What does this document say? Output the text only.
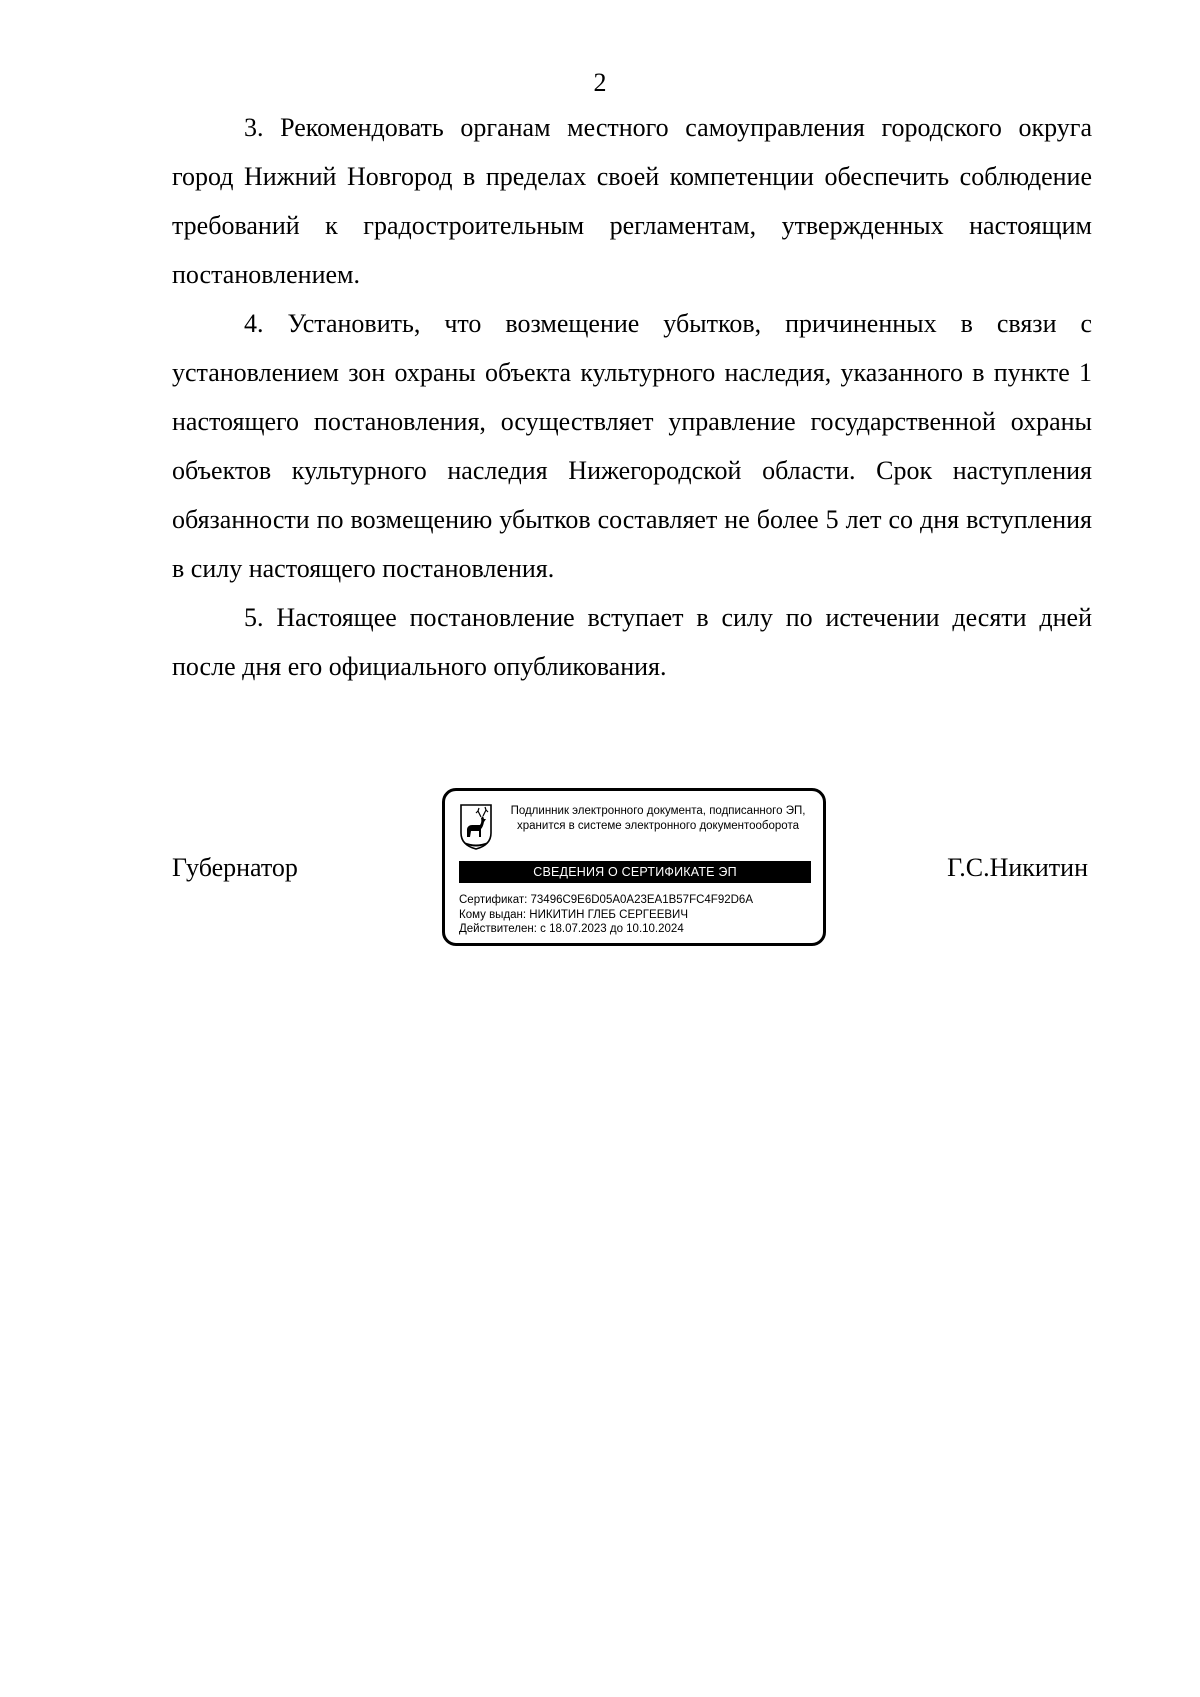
2

3. Рекомендовать органам местного самоуправления городского округа город Нижний Новгород в пределах своей компетенции обеспечить соблюдение требований к градостроительным регламентам, утвержденных настоящим постановлением.

4. Установить, что возмещение убытков, причиненных в связи с установлением зон охраны объекта культурного наследия, указанного в пункте 1 настоящего постановления, осуществляет управление государственной охраны объектов культурного наследия Нижегородской области. Срок наступления обязанности по возмещению убытков составляет не более 5 лет со дня вступления в силу настоящего постановления.

5. Настоящее постановление вступает в силу по истечении десяти дней после дня его официального опубликования.

Губернатор
Подлинник электронного документа, подписанного ЭП,
хранится в системе электронного документооборота
СВЕДЕНИЯ О СЕРТИФИКАТЕ ЭП
Сертификат: 73496C9E6D05A0A23EA1B57FC4F92D6A
Кому выдан: НИКИТИН ГЛЕБ СЕРГЕЕВИЧ
Действителен: с 18.07.2023 до 10.10.2024
Г.С.Никитин
